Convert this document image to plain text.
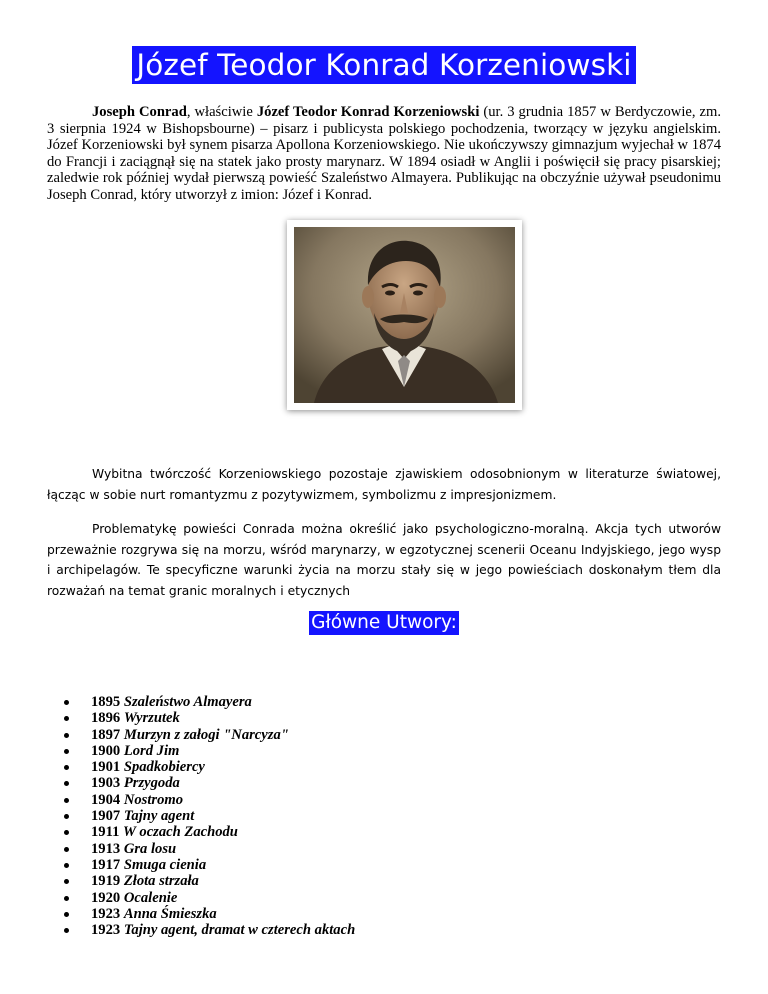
Józef Teodor Konrad Korzeniowski

Joseph Conrad, właściwie Józef Teodor Konrad Korzeniowski (ur. 3 grudnia 1857 w Berdyczowie, zm. 3 sierpnia 1924 w Bishopsbourne) – pisarz i publicysta polskiego pochodzenia, tworzący w języku angielskim. Józef Korzeniowski był synem pisarza Apollona Korzeniowskiego. Nie ukończywszy gimnazjum wyjechał w 1874 do Francji i zaciągnął się na statek jako prosty marynarz. W 1894 osiadł w Anglii i poświęcił się pracy pisarskiej; zaledwie rok później wydał pierwszą powieść Szaleństwo Almayera. Publikując na obczyźnie używał pseudonimu Joseph Conrad, który utworzył z imion: Józef i Konrad.

Wybitna twórczość Korzeniowskiego pozostaje zjawiskiem odosobnionym w literaturze światowej, łącząc w sobie nurt romantyzmu z pozytywizmem, symbolizmu z impresjonizmem.

Problematykę powieści Conrada można określić jako psychologiczno-moralną. Akcja tych utworów przeważnie rozgrywa się na morzu, wśród marynarzy, w egzotycznej scenerii Oceanu Indyjskiego, jego wysp i archipelagów. Te specyficzne warunki życia na morzu stały się w jego powieściach doskonałym tłem dla rozważań na temat granic moralnych i etycznych

Główne Utwory:
1895 Szaleństwo Almayera
1896 Wyrzutek
1897 Murzyn z załogi "Narcyza"
1900 Lord Jim
1901 Spadkobiercy
1903 Przygoda
1904 Nostromo
1907 Tajny agent
1911 W oczach Zachodu
1913 Gra losu
1917 Smuga cienia
1919 Złota strzała
1920 Ocalenie
1923 Anna Śmieszka
1923 Tajny agent, dramat w czterech aktach
